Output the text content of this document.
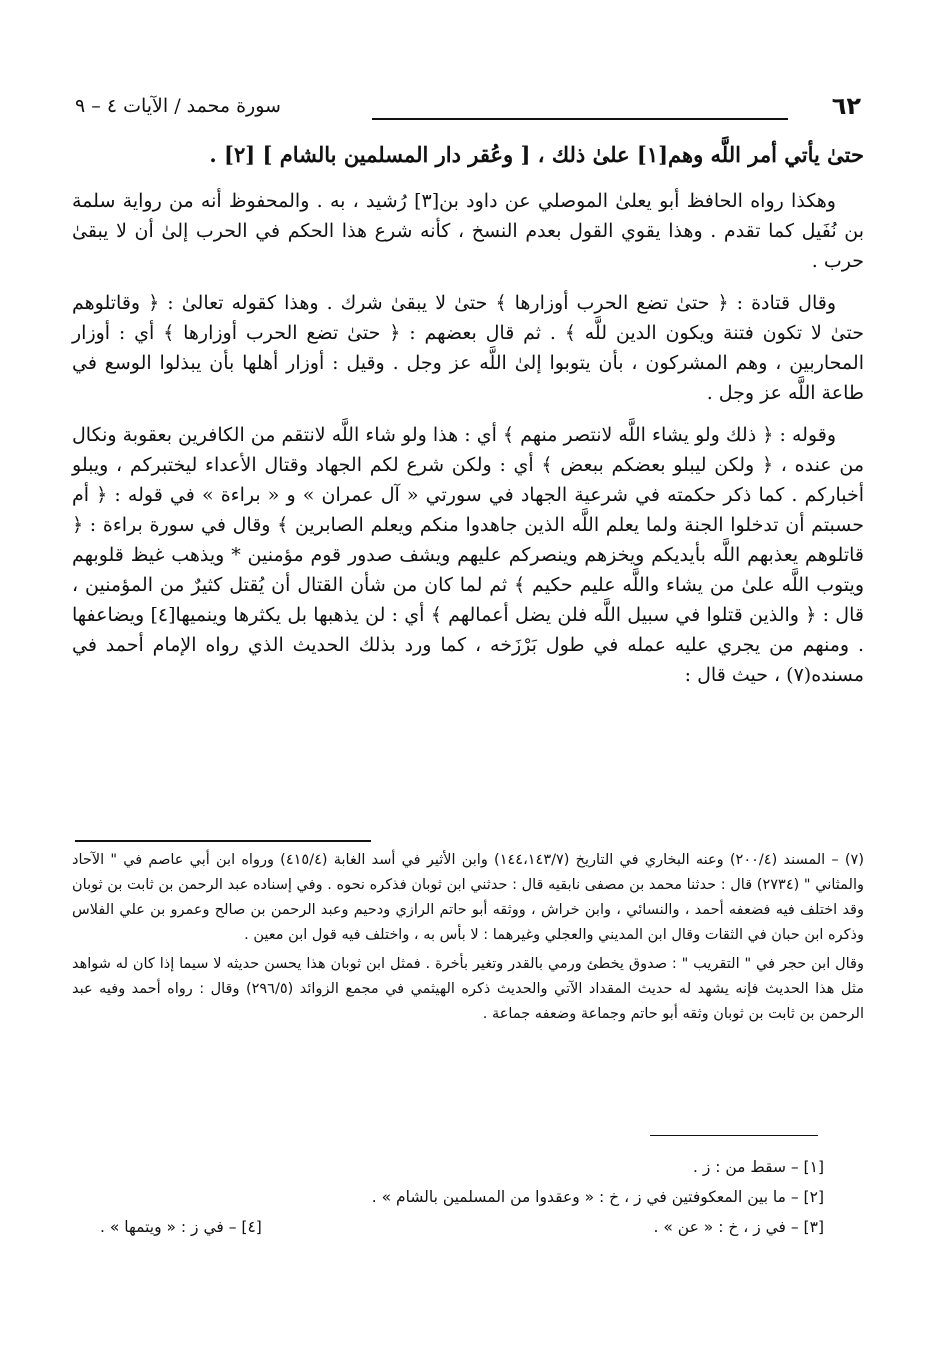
٦٢
سورة محمد / الآيات ٤ – ٩

حتىٰ يأتي أمر اللَّه وهم[١] علىٰ ذلك ، [ وعُقر دار المسلمين بالشام ] [٢] .

وهكذا رواه الحافظ أبو يعلىٰ الموصلي عن داود بن[٣] رُشيد ، به . والمحفوظ أنه من رواية سلمة بن نُفَيل كما تقدم . وهذا يقوي القول بعدم النسخ ، كأنه شرع هذا الحكم في الحرب إلىٰ أن لا يبقىٰ حرب .

وقال قتادة : ﴿ حتىٰ تضع الحرب أوزارها ﴾ حتىٰ لا يبقىٰ شرك . وهذا كقوله تعالىٰ : ﴿ وقاتلوهم حتىٰ لا تكون فتنة ويكون الدين للَّه ﴾ . ثم قال بعضهم : ﴿ حتىٰ تضع الحرب أوزارها ﴾ أي : أوزار المحاربين ، وهم المشركون ، بأن يتوبوا إلىٰ اللَّه عز وجل . وقيل : أوزار أهلها بأن يبذلوا الوسع في طاعة اللَّه عز وجل .

وقوله : ﴿ ذلك ولو يشاء اللَّه لانتصر منهم ﴾ أي : هذا ولو شاء اللَّه لانتقم من الكافرين بعقوبة ونكال من عنده ، ﴿ ولكن ليبلو بعضكم ببعض ﴾ أي : ولكن شرع لكم الجهاد وقتال الأعداء ليختبركم ، ويبلو أخباركم . كما ذكر حكمته في شرعية الجهاد في سورتي « آل عمران » و « براءة » في قوله : ﴿ أم حسبتم أن تدخلوا الجنة ولما يعلم اللَّه الذين جاهدوا منكم ويعلم الصابرين ﴾ وقال في سورة براءة : ﴿ قاتلوهم يعذبهم اللَّه بأيديكم ويخزهم وينصركم عليهم ويشف صدور قوم مؤمنين * ويذهب غيظ قلوبهم ويتوب اللَّه علىٰ من يشاء واللَّه عليم حكيم ﴾ ثم لما كان من شأن القتال أن يُقتل كثيرٌ من المؤمنين ، قال : ﴿ والذين قتلوا في سبيل اللَّه فلن يضل أعمالهم ﴾ أي : لن يذهبها بل يكثرها وينميها[٤] ويضاعفها . ومنهم من يجري عليه عمله في طول بَرْزَخه ، كما ورد بذلك الحديث الذي رواه الإمام أحمد في مسنده(٧) ، حيث قال :

(٧) – المسند (٢٠٠/٤) وعنه البخاري في التاريخ (١٤٤،١٤٣/٧) وابن الأثير في أسد الغابة (٤١٥/٤) ورواه ابن أبي عاصم في " الآحاد والمثاني " (٢٧٣٤) قال : حدثنا محمد بن مصفى نابقيه قال : حدثني ابن ثوبان فذكره نحوه . وفي إسناده عبد الرحمن بن ثابت بن ثوبان وقد اختلف فيه فضعفه أحمد ، والنسائي ، وابن خراش ، ووثقه أبو حاتم الرازي ودحيم وعبد الرحمن بن صالح وعمرو بن علي الفلاس وذكره ابن حبان في الثقات وقال ابن المديني والعجلي وغيرهما : لا بأس به ، واختلف فيه قول ابن معين .

وقال ابن حجر في " التقريب " : صدوق يخطئ ورمي بالقدر وتغير بأخرة . فمثل ابن ثوبان هذا يحسن حديثه لا سيما إذا كان له شواهد مثل هذا الحديث فإنه يشهد له حديث المقداد الآتي والحديث ذكره الهيثمي في مجمع الزوائد (٢٩٦/٥) وقال : رواه أحمد وفيه عبد الرحمن بن ثابت بن ثوبان وثقه أبو حاتم وجماعة وضعفه جماعة .

[١] – سقط من : ز .
[٢] – ما بين المعكوفتين في ز ، خ : « وعقدوا من المسلمين بالشام » .
[٣] – في ز ، خ : « عن » .
[٤] – في ز : « ويتمها » .
